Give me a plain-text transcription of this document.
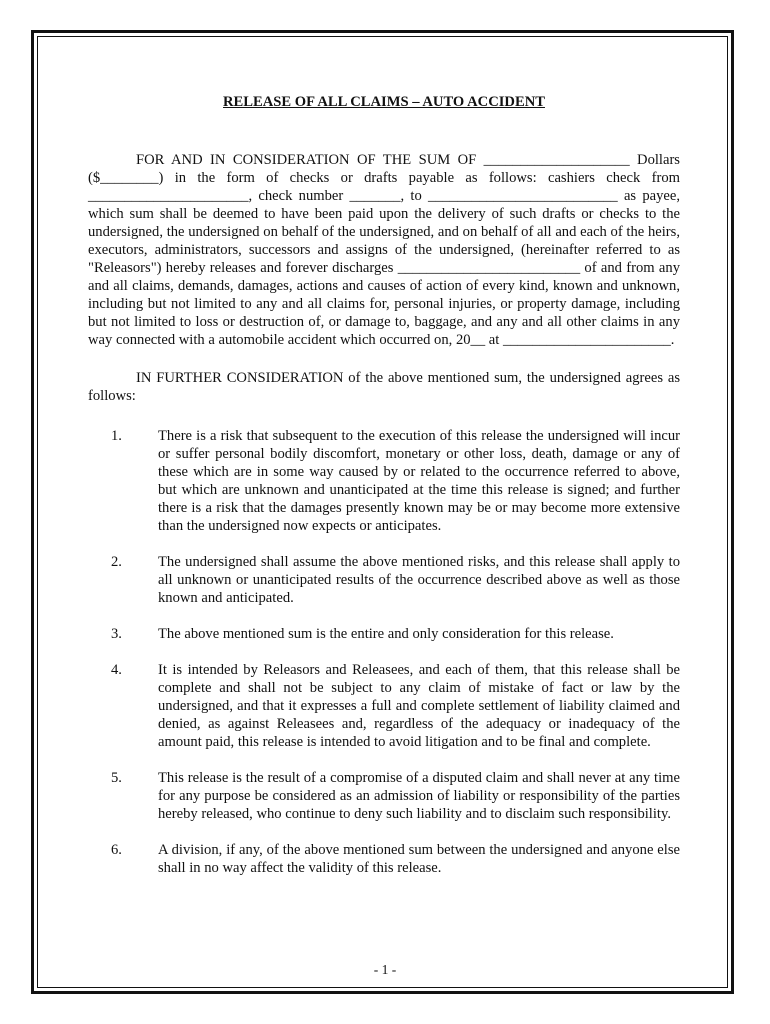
RELEASE OF ALL CLAIMS – AUTO ACCIDENT

FOR AND IN CONSIDERATION OF THE SUM OF ____________________ Dollars ($________) in the form of checks or drafts payable as follows: cashiers check from ______________________, check number _______, to __________________________ as payee, which sum shall be deemed to have been paid upon the delivery of such drafts or checks to the undersigned, the undersigned on behalf of the undersigned, and on behalf of all and each of the heirs, executors, administrators, successors and assigns of the undersigned, (hereinafter referred to as "Releasors") hereby releases and forever discharges _________________________ of and from any and all claims, demands, damages, actions and causes of action of every kind, known and unknown, including but not limited to any and all claims for, personal injuries, or property damage, including but not limited to loss or destruction of, or damage to, baggage, and any and all other claims in any way connected with a automobile accident which occurred on, 20__ at _______________________.

IN FURTHER CONSIDERATION of the above mentioned sum, the undersigned agrees as follows:

1. There is a risk that subsequent to the execution of this release the undersigned will incur or suffer personal bodily discomfort, monetary or other loss, death, damage or any of these which are in some way caused by or related to the occurrence referred to above, but which are unknown and unanticipated at the time this release is signed; and further there is a risk that the damages presently known may be or may become more extensive than the undersigned now expects or anticipates.
2. The undersigned shall assume the above mentioned risks, and this release shall apply to all unknown or unanticipated results of the occurrence described above as well as those known and anticipated.
3. The above mentioned sum is the entire and only consideration for this release.
4. It is intended by Releasors and Releasees, and each of them, that this release shall be complete and shall not be subject to any claim of mistake of fact or law by the undersigned, and that it expresses a full and complete settlement of liability claimed and denied, as against Releasees and, regardless of the adequacy or inadequacy of the amount paid, this release is intended to avoid litigation and to be final and complete.
5. This release is the result of a compromise of a disputed claim and shall never at any time for any purpose be considered as an admission of liability or responsibility of the parties hereby released, who continue to deny such liability and to disclaim such responsibility.
6. A division, if any, of the above mentioned sum between the undersigned and anyone else shall in no way affect the validity of this release.
- 1 -
